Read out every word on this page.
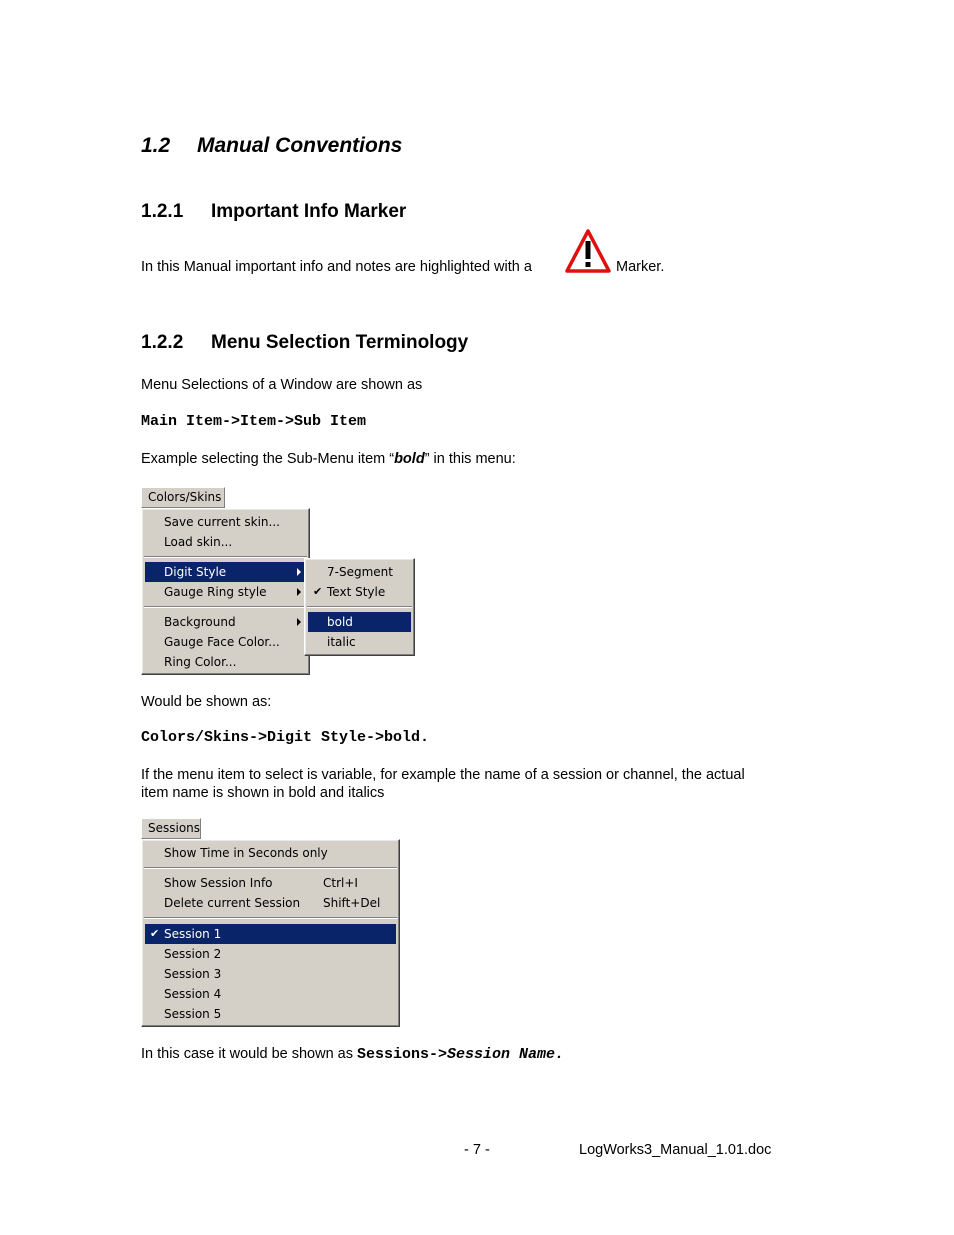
1.2 Manual Conventions
1.2.1 Important Info Marker
In this Manual important info and notes are highlighted with a	Marker.
1.2.2 Menu Selection Terminology
Menu Selections of a Window are shown as
Main Item->Item->Sub Item
Example selecting the Sub-Menu item “bold” in this menu:
Colors/Skins
Save current skin...
Load skin...
Digit Style
Gauge Ring style
Background
Gauge Face Color...
Ring Color...
7-Segment
✔ Text Style
bold
italic
Would be shown as:
Colors/Skins->Digit Style->bold.
If the menu item to select is variable, for example the name of a session or channel, the actual
item name is shown in bold and italics
Sessions
Show Time in Seconds only
Show Session Info	Ctrl+I
Delete current Session Shift+Del
✔ Session 1
Session 2
Session 3
Session 4
Session 5
In this case it would be shown as Sessions->Session Name.
- 7 -	LogWorks3_Manual_1.01.doc
